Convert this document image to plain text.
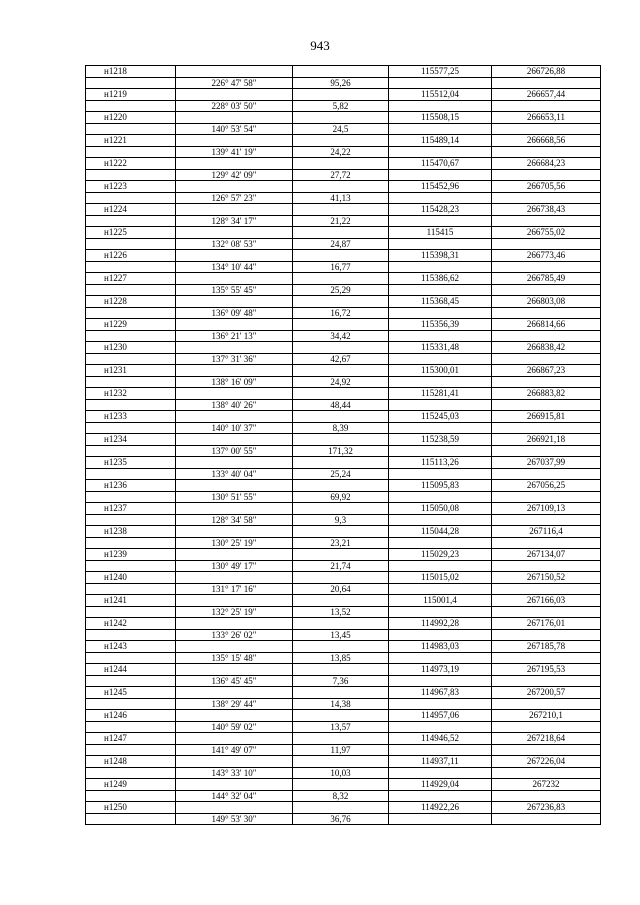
943
н1218			115577,25	266726,88
	226° 47' 58"	95,26		
н1219			115512,04	266657,44
	228° 03' 50"	5,82		
н1220			115508,15	266653,11
	140° 53' 54"	24,5		
н1221			115489,14	266668,56
	139° 41' 19"	24,22		
н1222			115470,67	266684,23
	129° 42' 09"	27,72		
н1223			115452,96	266705,56
	126° 57' 23"	41,13		
н1224			115428,23	266738,43
	128° 34' 17"	21,22		
н1225			115415	266755,02
	132° 08' 53"	24,87		
н1226			115398,31	266773,46
	134° 10' 44"	16,77		
н1227			115386,62	266785,49
	135° 55' 45"	25,29		
н1228			115368,45	266803,08
	136° 09' 48"	16,72		
н1229			115356,39	266814,66
	136° 21' 13"	34,42		
н1230			115331,48	266838,42
	137° 31' 36"	42,67		
н1231			115300,01	266867,23
	138° 16' 09"	24,92		
н1232			115281,41	266883,82
	138° 40' 26"	48,44		
н1233			115245,03	266915,81
	140° 10' 37"	8,39		
н1234			115238,59	266921,18
	137° 00' 55"	171,32		
н1235			115113,26	267037,99
	133° 40' 04"	25,24		
н1236			115095,83	267056,25
	130° 51' 55"	69,92		
н1237			115050,08	267109,13
	128° 34' 58"	9,3		
н1238			115044,28	267116,4
	130° 25' 19"	23,21		
н1239			115029,23	267134,07
	130° 49' 17"	21,74		
н1240			115015,02	267150,52
	131° 17' 16"	20,64		
н1241			115001,4	267166,03
	132° 25' 19"	13,52		
н1242			114992,28	267176,01
	133° 26' 02"	13,45		
н1243			114983,03	267185,78
	135° 15' 48"	13,85		
н1244			114973,19	267195,53
	136° 45' 45"	7,36		
н1245			114967,83	267200,57
	138° 29' 44"	14,38		
н1246			114957,06	267210,1
	140° 59' 02"	13,57		
н1247			114946,52	267218,64
	141° 49' 07"	11,97		
н1248			114937,11	267226,04
	143° 33' 10"	10,03		
н1249			114929,04	267232
	144° 32' 04"	8,32		
н1250			114922,26	267236,83
	149° 53' 30"	36,76		
